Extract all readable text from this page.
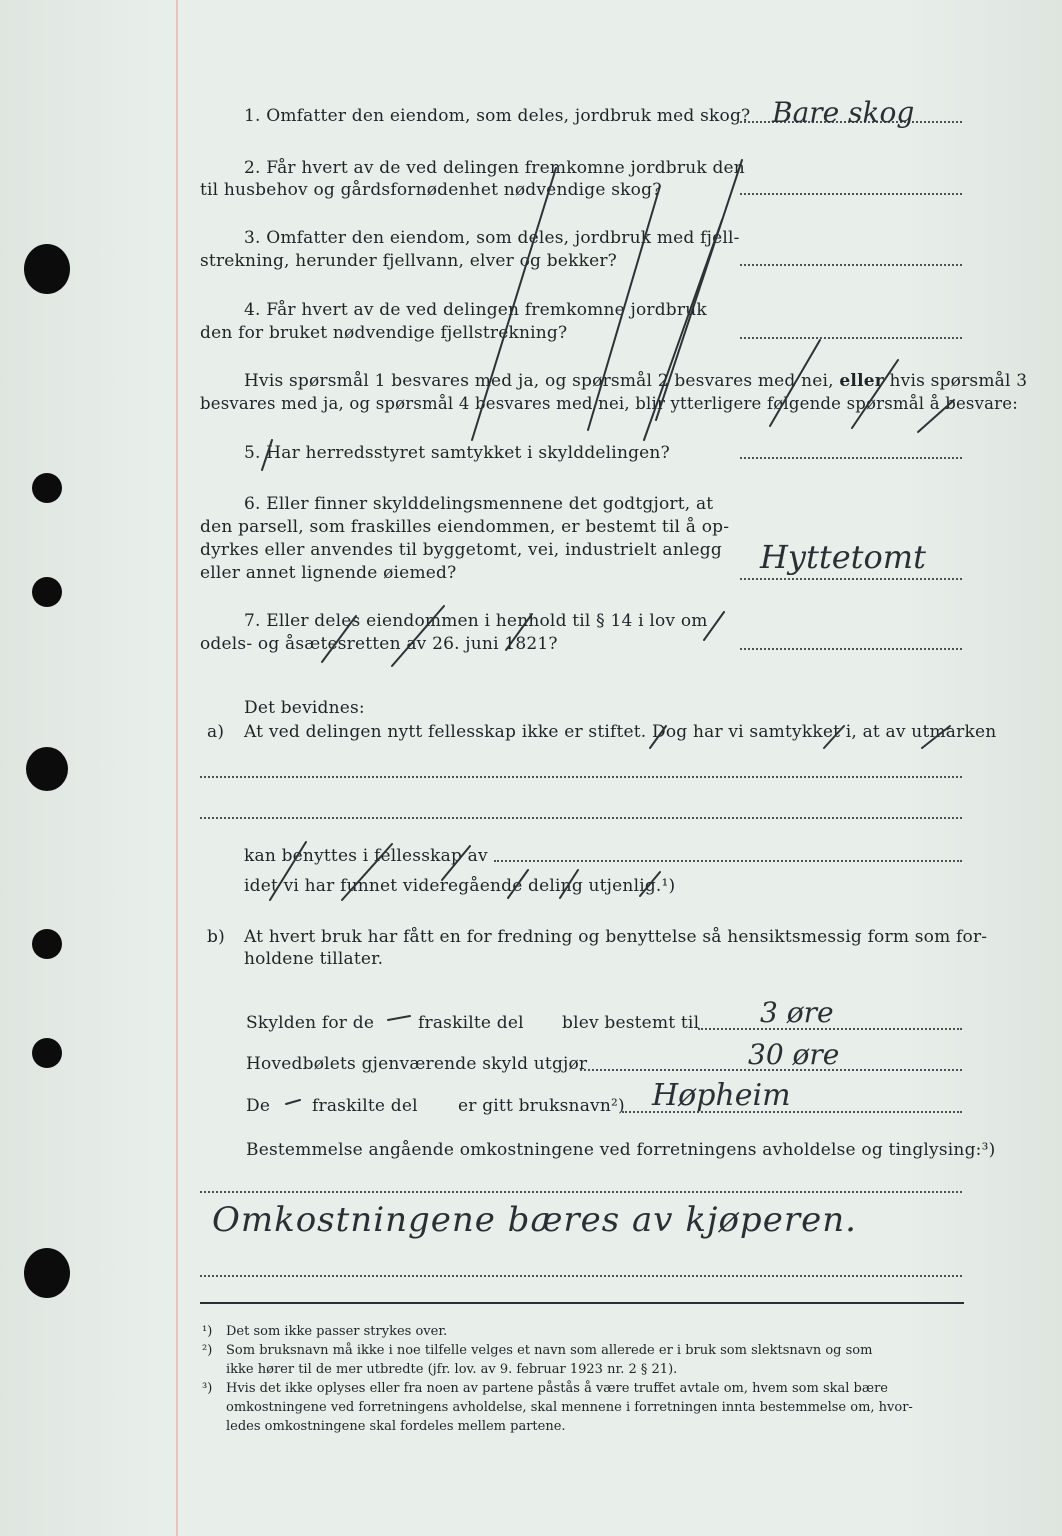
1. Omfatter den eiendom, som deles, jordbruk med skog? Bare skog
2. Får hvert av de ved delingen fremkomne jordbruk den
til husbehov og gårdsfornødenhet nødvendige skog?
3. Omfatter den eiendom, som deles, jordbruk med fjell-
strekning, herunder fjellvann, elver og bekker?
4. Får hvert av de ved delingen fremkomne jordbruk
den for bruket nødvendige fjellstrekning?
Hvis spørsmål 1 besvares med ja, og spørsmål 2 besvares med nei, eller hvis spørsmål 3
besvares med ja, og spørsmål 4 besvares med nei, blir ytterligere følgende spørsmål å besvare:
5. Har herredsstyret samtykket i skylddelingen?
6. Eller finner skylddelingsmennene det godtgjort, at
den parsell, som fraskilles eiendommen, er bestemt til å op-
dyrkes eller anvendes til byggetomt, vei, industrielt anlegg
eller annet lignende øiemed?	Hyttetomt
7. Eller deles eiendommen i henhold til § 14 i lov om
odels- og åsætesretten av 26. juni 1821?
Det bevidnes:
a) At ved delingen nytt fellesskap ikke er stiftet. Dog har vi samtykket i, at av utmarken
kan benyttes i fellesskap av
idet vi har funnet videregående deling utjenlig.¹)
b) At hvert bruk har fått en for fredning og benyttelse så hensiktsmessig form som for-
holdene tillater.
Skylden for de	fraskilte del blev bestemt til 3 øre
Hovedbølets gjenværende skyld utgjør	30 øre
De fraskilte del er gitt bruksnavn²) Høpheim
Bestemmelse angående omkostningene ved forretningens avholdelse og tinglysing:³)
Omkostningene bæres av kjøperen.
¹) Det som ikke passer strykes over.
²) Som bruksnavn må ikke i noe tilfelle velges et navn som allerede er i bruk som slektsnavn og som
ikke hører til de mer utbredte (jfr. lov. av 9. februar 1923 nr. 2 § 21).
³) Hvis det ikke oplyses eller fra noen av partene påstås å være truffet avtale om, hvem som skal bære
omkostningene ved forretningens avholdelse, skal mennene i forretningen innta bestemmelse om, hvor-
ledes omkostningene skal fordeles mellem partene.
